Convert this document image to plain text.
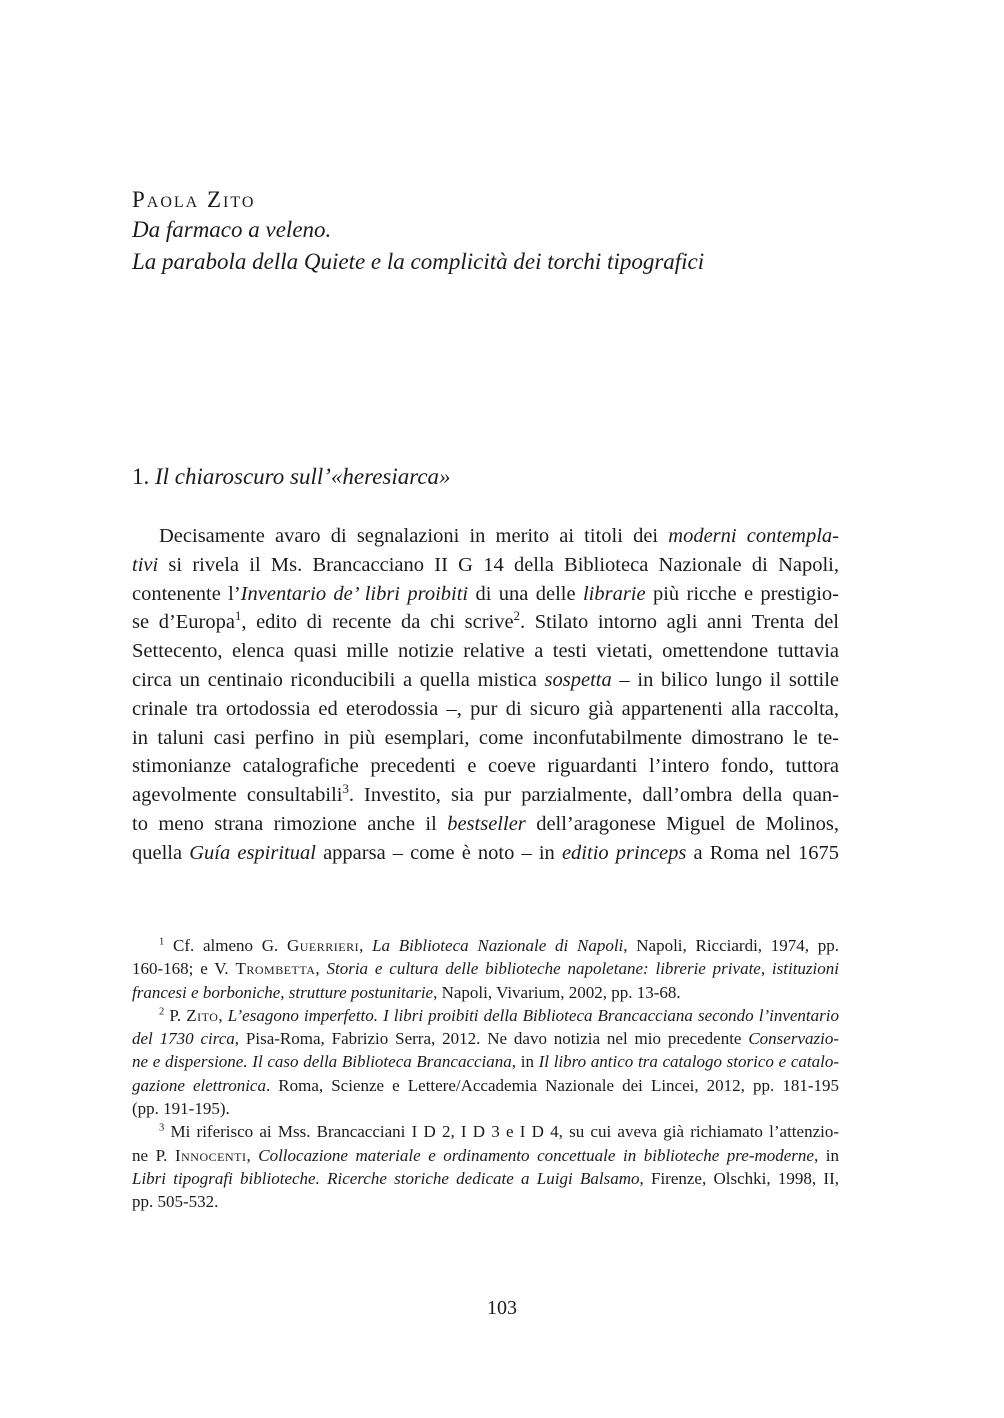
Paola Zito
Da farmaco a veleno.
La parabola della Quiete e la complicità dei torchi tipografici
1. Il chiaroscuro sull’«heresiarca»
Decisamente avaro di segnalazioni in merito ai titoli dei moderni contempla-
tivi si rivela il Ms. Brancacciano II G 14 della Biblioteca Nazionale di Napoli,
contenente l’Inventario de’ libri proibiti di una delle librarie più ricche e prestigio-
se d’Europa$^1$, edito di recente da chi scrive$^2$. Stilato intorno agli anni Trenta del
Settecento, elenca quasi mille notizie relative a testi vietati, omettendone tuttavia
circa un centinaio riconducibili a quella mistica sospetta – in bilico lungo il sottile
crinale tra ortodossia ed eterodossia –, pur di sicuro già appartenenti alla raccolta,
in taluni casi perfino in più esemplari, come inconfutabilmente dimostrano le te-
stimonianze catalografiche precedenti e coeve riguardanti l’intero fondo, tuttora
agevolmente consultabili$^3$. Investito, sia pur parzialmente, dall’ombra della quan-
to meno strana rimozione anche il bestseller dell’aragonese Miguel de Molinos,
quella Guía espiritual apparsa – come è noto – in editio princeps a Roma nel 1675
$^1$ Cf. almeno G. Guerrieri, La Biblioteca Nazionale di Napoli, Napoli, Ricciardi, 1974, pp.
160-168; e V. Trombetta, Storia e cultura delle biblioteche napoletane: librerie private, istituzioni
francesi e borboniche, strutture postunitarie, Napoli, Vivarium, 2002, pp. 13-68.
$^2$ P. Zito, L’esagono imperfetto. I libri proibiti della Biblioteca Brancacciana secondo l’inventario
del 1730 circa, Pisa-Roma, Fabrizio Serra, 2012. Ne davo notizia nel mio precedente Conservazio-
ne e dispersione. Il caso della Biblioteca Brancacciana, in Il libro antico tra catalogo storico e catalo-
gazione elettronica. Roma, Scienze e Lettere/Accademia Nazionale dei Lincei, 2012, pp. 181-195
(pp. 191-195).
$^3$ Mi riferisco ai Mss. Brancacciani I D 2, I D 3 e I D 4, su cui aveva già richiamato l’attenzio-
ne P. Innocenti, Collocazione materiale e ordinamento concettuale in biblioteche pre-moderne, in
Libri tipografi biblioteche. Ricerche storiche dedicate a Luigi Balsamo, Firenze, Olschki, 1998, II,
pp. 505-532.
103
